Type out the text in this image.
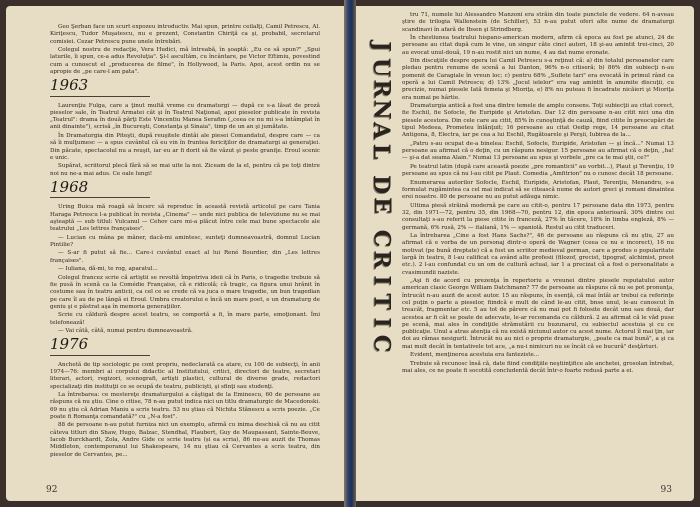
Geo Şerban face un scurt expozeu introductiv. Mai spun, printre ceilalţi, Camil Petrescu, Al. Kiriţescu, Tudor Muşatescu, nu e prezent, Constantin Chiriţă ca şi, probabil, secretarul comisiei. Cezar Petrescu pune unele întrebări.

Colegul nostru de redacţie, Vera Hudici, mă întreabă, în şoaptă: „Eu ce să spun?" „Spui laturile, îi spun, ce-a adus Revoluţia". Şi-l ascultăm, cu încântare, pe Victor Eftimiu, povestind cum a cunoscut el „producerea de filme", în Hollywood, la Paris. Apoi, acest ordin nu se apropie de „pe care-l am pata".

1963

Laurenţiu Fulga, care a ţinut multă vreme cu dramaturgi — după ce s-a lăsat de proză pieselor sale, în Teatrul Armatei cât şi în Teatrul Naţional, apoi pieselor publicate în revista „Teatrul": drama în două părţi Este Vincentiu Manea Serafim („ceea ce nu mi s-a întâmplat în anii dinainte"), scrisă „în Bucureşti, Constanţa şi Sinaia", timp de un an şi jumătate.

În Dramaturgia din Piteşti, după reuşitele dintâi ale piesei Comandatul, despre care — ca să îi mulţumesc — a spus cuvântul că eu vin în fruntea fericiţilor de dramaturgi ai generaţiei. Din păcate, spectacolul nu a reuşit, iar eu ar fi dorit să fie văzut şi peste graniţe. Eroul scenic e unic.

Supărat, scriitorul plecă fără să se mai uite la noi. Ziceam de la el, pentru că pe toţi dintre noi nu ne-a mai adus. Ce oale lungi!

1968

Uring Buica mă roagă să încerc să reproduc în această revistă articolul pe care Tania Haraga Petrescu l-a publicat în revista „Cinema" — unde nici publica de televiziune nu se mai aşteaptă — sub titlul: Vulcanul — Cehov care mi-a plăcut între cele mai bune spectacole ale teatrului „Les lettres françaises".

— Lucian cu mâna pe mâner, dacă-mi amintesc, sunteţi dumneavoastră, domnul Lucian Pintilie?

— S-ar fi putut să fie... Care-i cuvântul exact al lui René Bourdier, din „Les lettres françaises".

— Iuliana, dă-mi, te rog, aparatul...

Colegul francez scrie că artiştii se revoltă împotriva ideii că în Paris, o tragedie trebuie să fie pusă în scenă ca la Comédie Française, că e ridicolă; că tragic, ca figura unui hrănit în costume sau în teatru anticii, ca cel ce se crede că va juca o mare tragedie, un bun tragedian pe care îl au de pe lângă ei Eroul. Umbra creatorului e încă un mare poet, e un dramaturg de geniu şi e păstrat aşa în memoria generaţiilor.

Scrie cu căldură despre acest teatru, se comportă a fi, în mare parte, emoţionant. Îmi telefonează!

— Vai câtă, câtă, numai pentru dumneavoastră.

1976

Anchetă de tip sociologic pe cont propriu, nedeclarată ca atare, cu 100 de subiecţi, în anii 1974—76: membri ai corpului didactic al Institutului, critici, directori de teatre, secretari literari, actori, regizori, scenografi, artişti plastici, cultural de diverse grade, redactori specializaţi din instituţii ce se ocupă de teatru, publicişti, şi sfinţi sau studenţi.

La întrebarea: ce mestereţe dramaturgului a câştigat de la Eminescu, 60 de persoane au răspuns că nu ştiu. Cine o citise, 78 n-au putut indica nici un titlu dramaturgic de Macedonski. 69 nu ştiu că Adrian Maniu a scris teatru. 53 nu ştiau că Nichita Stănescu a scris poezie. „Ce poate fi Romanţa comandată?" cu „N-a fost".

88 de persoane n-au putut furniza nici un exemplu, afirmă cu inima deschisă că nu au citit câteva titluri din Shaw, Hugo, Balzac, Stendhal, Flaubert, Guy de Maupassant, Sainte-Beuve, Iacob Burckhardt, Zola, Andre Gide ce scrie teatru (și ea scria), 86 nu-au auzit de Thomas Middleton, contemporanul lui Shakespeare, 14 nu ştiau că Cervantes a scris teatru, din pieselor de Cervantes, pe...

92
J
U
R
N
A
L
D
E
C
R
I
T
I
C

tru 71, numele lui Alessandro Manzoni era străin din toate punctele de vedere. 64 n-aveau ştire de trilogia Wallenstein (de Schiller), 53 n-au putut oferi alte nume de dramaturgi scandinavi în afară de Ibsen şi Strindberg.

În chestiunea teatrului hispano-american modern, afirm că epoca au fost pe atunci, 24 de persoane au citat după cum le vine, un singur câte cinci autori, 18 şi-au amintit trei-cinci, 20 au evocat unul-două, 19 n-au rostit nici un nume, 4 au dat nume eronate.

Din discuţiile despre opera lui Camil Petrescu s-a reţinut că: a) din totalul persoanelor care pledau pentru renume de scenă a lui Danton, 96% n-o citiseră; b) 86% din subiecţi n-au pomenit de Caragiale în vreun loc; c) pentru 68% „Suflete tari" era evocată în primul rând ca operă a lui Camil Petrescu; d) 13% „Jocul ielelor" era vag amintit în anumite discuţii, cu precizie, numai piesele Iată femeia şi Mioriţa, e) 8% nu puteau fi încadrate nicăieri şi Mioriţa era numai pe hârtie.

Dramaturgia antică a fost una dintre temele de amplu consens. Toţi subiecţii au citat corect, fie Eschil, fie Sofocle, fie Euripide şi Aristofan. Dar 12 din persoane n-au citit nici una din piesele acestora. Din cele care au citit, 85% în cunoştinţă de cauză, fiind citite în preocupări de tipul Medeea, Prometeu înlănţuit; 16 persoane au citat Oedip rege, 14 persoane au citat Antigona, 8, Electra, iar pe cea a lui Eschil, Rugătoarele şi Perşii, Iubirea de la...

„Patru s-au ocupat de-a binelea: Eschil, Sofocle, Euripide, Aristofan — şi încă..." Numai 13 persoane au afirmat că o deţin, cu un răspuns nesigur. 15 persoane au afirmat că o deţin, „ha! — şi-a dat seama Alain." Numai 13 persoane au spus şi vorbele „pre ca te mai ştii, ce?"

Pe teatrul latin (după care această poezie „pre romanticii" au vorbit...), Plaut şi Terenţiu, 19 persoane au spus că nu l-au citit pe Plaut. Comedia „Amfitrion" nu o cunosc decât 18 persoane.

Enumerarea autorilor Sofocle, Eschil, Euripide, Aristofan, Plaut, Terenţiu, Menandru, s-a formulat rugămintea ca cel mai indicat să se citească nume de autori greci şi romani dinaintea erei noastre. 80 de persoane nu au putut adăuga nimic.

Ultima piesă străină modernă pe care au citit-o, pentru 17 persoane data din 1973, pentru 32, din 1971—72, pentru 35, din 1968—70, pentru 12, din epoca anterioară. 30% dintre cei consultaţi s-au referit la piese citite în franceză, 27% în tăcere, 18% în limba engleză, 8% — germană, 6% rusă, 2% — italiană, 1% — spaniolă. Restul au citit traduceri.

La întrebarea „Cine a fost Hans Sachs?", 46 de persoane au răspuns că nu ştiu, 27 au afirmat că e vorba de un personaj dintr-o operă de Wagner (ceea ce nu e incorect), 16 nu motivat (pe bună dreptate) că a fost un scriitor medieval german, care a produs o popularitate largă în teatru, 8 l-au calificat ca având alte profesii (filozof, grecist, tipograf, alchimist, preot etc.). 2 l-au confundat cu un om de cultură actual, iar 1 a precizat că a fost o personalitate a cvasimundii naziste.

„Aşi fi de acord cu prezenţa în repertoriu a vreunei dintre piesele reputatului autor american clasic George William Datchmann? 77 de persoane au răspuns că nu se pot pronunţa, întrucât n-au auzit de acest autor. 15 au răspuns, în esenţă, că mai întâi ar trebui ca referinţe cel puţin o parte a pieselor, fiindcă e mult de când le-au citit, bnse unul, le-au cunoscut în treacăt, fragmentar etc. 5 au tot de părere că nu mai pot fi folosite decât unu sau două, dar acestea ar fi cât se poate de adecvate, le-ar recomanda cu căldură. 2 au afirmat că le văd puse pe scenă, mai ales în condiţiile strămutării cu buzunarul, cu subiectul acestuia şi cu ce publicaţie. Unul a atras atenţia că nu există niciunul autor cu acest nume. Actorul îl mai ţin, iar doi au rămas nesigurli. Întrucât nu au nici o proprie dramaturgie, „poate ca mai bună", a şi ca mai mult decât în tentativele tot ace, „a nu-i nimicuri nu se încât că se bucură" desţărturi.

Evident, menţinerea acestuia era fanteziste...

Trebuie să recunosc însă că, date fiind condiţiile neştiinţifice ale anchetei, grosolan întrebat, mai ales, ce ne poate fi socotită concludentă decât într-o foarte redusă parte a ei.

93
